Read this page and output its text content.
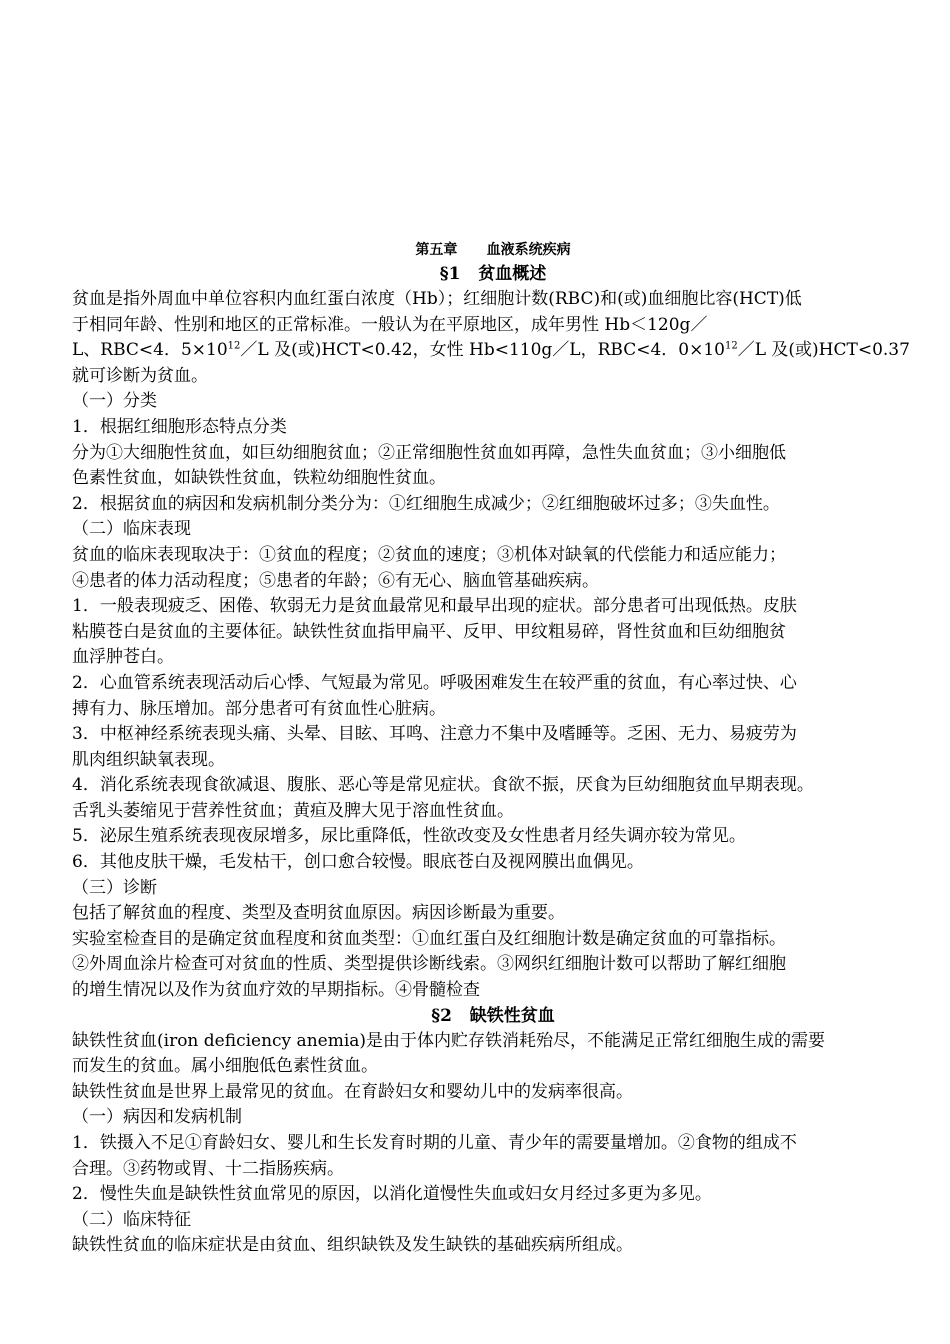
第五章      血液系统疾病
§1   贫血概述
贫血是指外周血中单位容积内血红蛋白浓度（Hb）；红细胞计数(RBC)和(或)血细胞比容(HCT)低
于相同年龄、性别和地区的正常标准。一般认为在平原地区，成年男性 Hb＜120g／
L、RBC<4．$5\times 10^{12}/L$ 及(或)HCT<0.42，女性 Hb<110g／L，RBC<4．$0\times 10^{12}/L$ 及(或)HCT<0.37
就可诊断为贫血。
（一）分类
1．根据红细胞形态特点分类
分为①大细胞性贫血，如巨幼细胞贫血；②正常细胞性贫血如再障，急性失血贫血；③小细胞低
色素性贫血，如缺铁性贫血，铁粒幼细胞性贫血。
2．根据贫血的病因和发病机制分类分为：①红细胞生成减少；②红细胞破坏过多；③失血性。
（二）临床表现
贫血的临床表现取决于：①贫血的程度；②贫血的速度；③机体对缺氧的代偿能力和适应能力；
④患者的体力活动程度；⑤患者的年龄；⑥有无心、脑血管基础疾病。
1．一般表现疲乏、困倦、软弱无力是贫血最常见和最早出现的症状。部分患者可出现低热。皮肤
粘膜苍白是贫血的主要体征。缺铁性贫血指甲扁平、反甲、甲纹粗易碎，肾性贫血和巨幼细胞贫
血浮肿苍白。
2．心血管系统表现活动后心悸、气短最为常见。呼吸困难发生在较严重的贫血，有心率过快、心
搏有力、脉压增加。部分患者可有贫血性心脏病。
3．中枢神经系统表现头痛、头晕、目眩、耳鸣、注意力不集中及嗜睡等。乏困、无力、易疲劳为
肌肉组织缺氧表现。
4．消化系统表现食欲减退、腹胀、恶心等是常见症状。食欲不振，厌食为巨幼细胞贫血早期表现。
舌乳头萎缩见于营养性贫血；黄疸及脾大见于溶血性贫血。
5．泌尿生殖系统表现夜尿增多，尿比重降低，性欲改变及女性患者月经失调亦较为常见。
6．其他皮肤干燥，毛发枯干，创口愈合较慢。眼底苍白及视网膜出血偶见。
（三）诊断
包括了解贫血的程度、类型及查明贫血原因。病因诊断最为重要。
实验室检查目的是确定贫血程度和贫血类型：①血红蛋白及红细胞计数是确定贫血的可靠指标。
②外周血涂片检查可对贫血的性质、类型提供诊断线索。③网织红细胞计数可以帮助了解红细胞
的增生情况以及作为贫血疗效的早期指标。④骨髓检查
§2   缺铁性贫血
缺铁性贫血(iron deficiency anemia)是由于体内贮存铁消耗殆尽，不能满足正常红细胞生成的需要
而发生的贫血。属小细胞低色素性贫血。
缺铁性贫血是世界上最常见的贫血。在育龄妇女和婴幼儿中的发病率很高。
（一）病因和发病机制
1．铁摄入不足①育龄妇女、婴儿和生长发育时期的儿童、青少年的需要量增加。②食物的组成不
合理。③药物或胃、十二指肠疾病。
2．慢性失血是缺铁性贫血常见的原因，以消化道慢性失血或妇女月经过多更为多见。
（二）临床特征
缺铁性贫血的临床症状是由贫血、组织缺铁及发生缺铁的基础疾病所组成。
